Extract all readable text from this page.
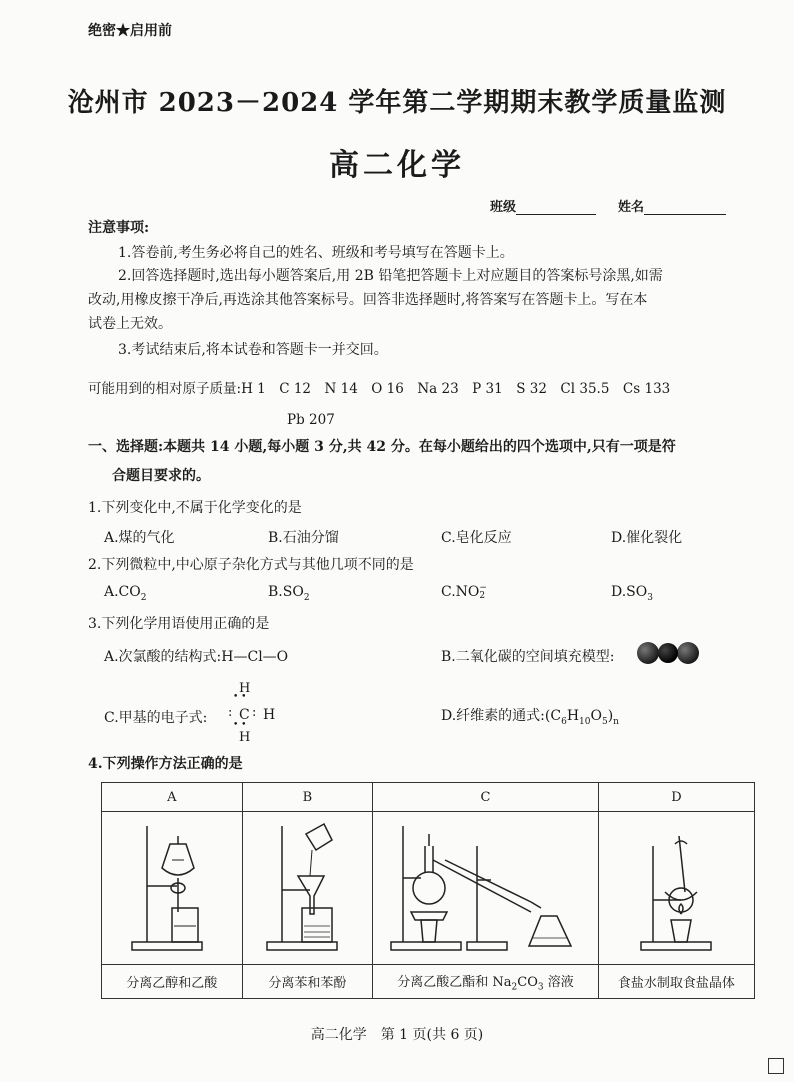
绝密★启用前
沧州市 2023－2024 学年第二学期期末教学质量监测
高二化学
班级	姓名
注意事项:
1.答卷前,考生务必将自己的姓名、班级和考号填写在答题卡上。
2.回答选择题时,选出每小题答案后,用 2B 铅笔把答题卡上对应题目的答案标号涂黑,如需
改动,用橡皮擦干净后,再选涂其他答案标号。回答非选择题时,将答案写在答题卡上。写在本
试卷上无效。
3.考试结束后,将本试卷和答题卡一并交回。
可能用到的相对原子质量:H 1　C 12　N 14　O 16　Na 23　P 31　S 32　Cl 35.5　Cs 133
Pb 207
一、选择题:本题共 14 小题,每小题 3 分,共 42 分。在每小题给出的四个选项中,只有一项是符
合题目要求的。
1.下列变化中,不属于化学变化的是
A.煤的气化	B.石油分馏	C.皂化反应	D.催化裂化
2.下列微粒中,中心原子杂化方式与其他几项不同的是
$A.CO_2$	$B.SO_2$	C.NO−
2	$D.SO_3$
3.下列化学用语使用正确的是
A.次氯酸的结构式:H—Cl—O	B.二氧化碳的空间填充模型:
C.甲基的电子式:
H
• •
: C : H
• •
H
D.纤维素的通式$:(C_6H_{10}O_5)_n$
4.下列操作方法正确的是
A	B	C	D

分离乙醇和乙酸	分离苯和苯酚	分离乙酸乙酯和 $Na_2CO_3$ 溶液	食盐水制取食盐晶体
高二化学　第 1 页(共 6 页)
